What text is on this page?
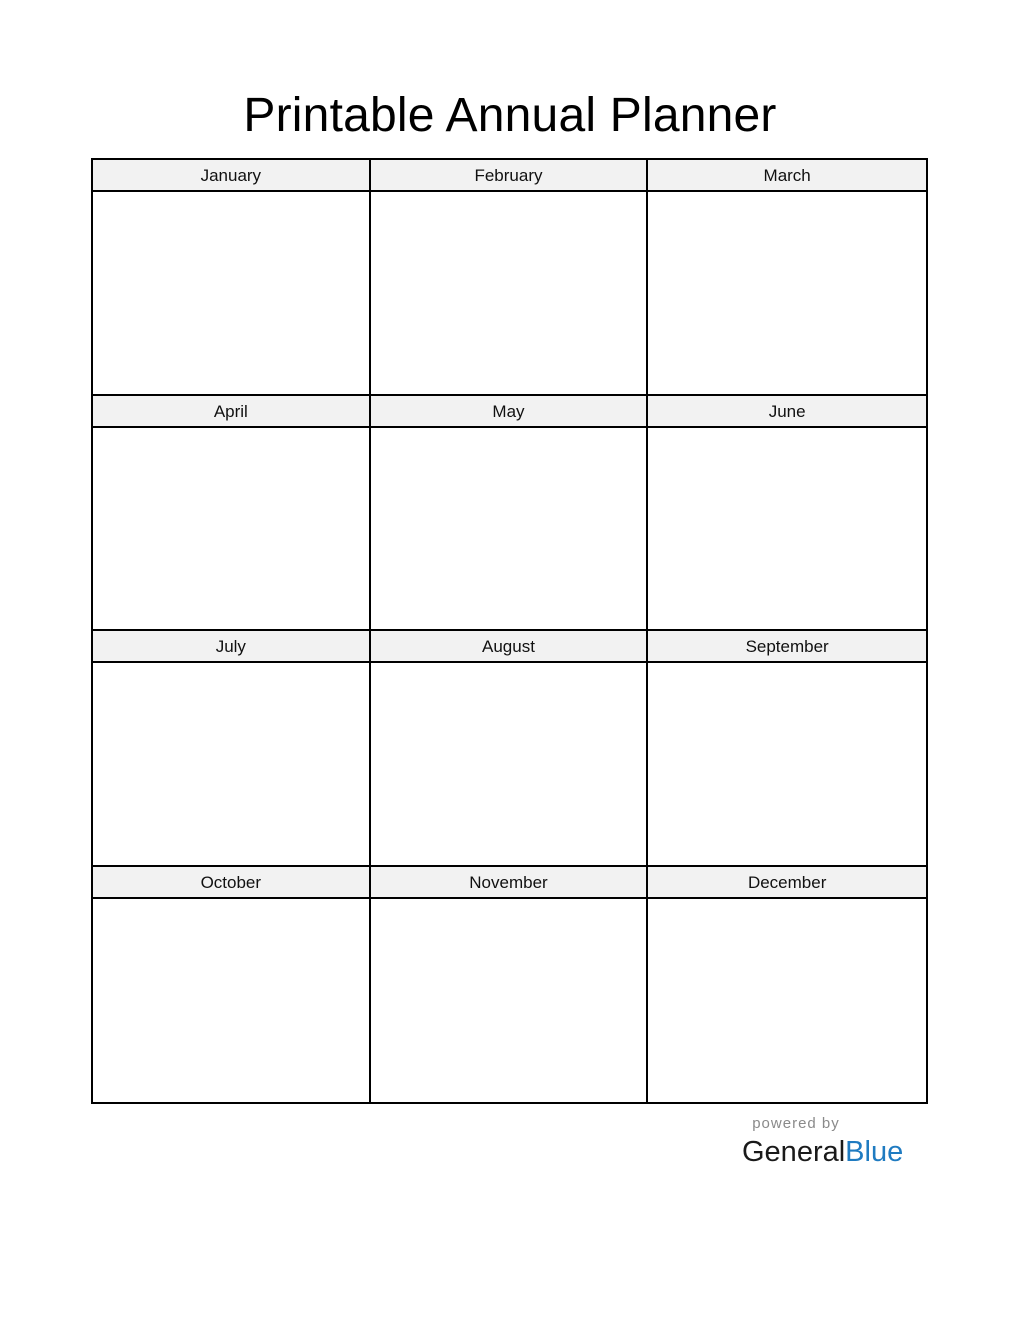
Printable Annual Planner
January	February	March
April	May	June
July	August	September
October	November	December
powered by
GeneralBlue
